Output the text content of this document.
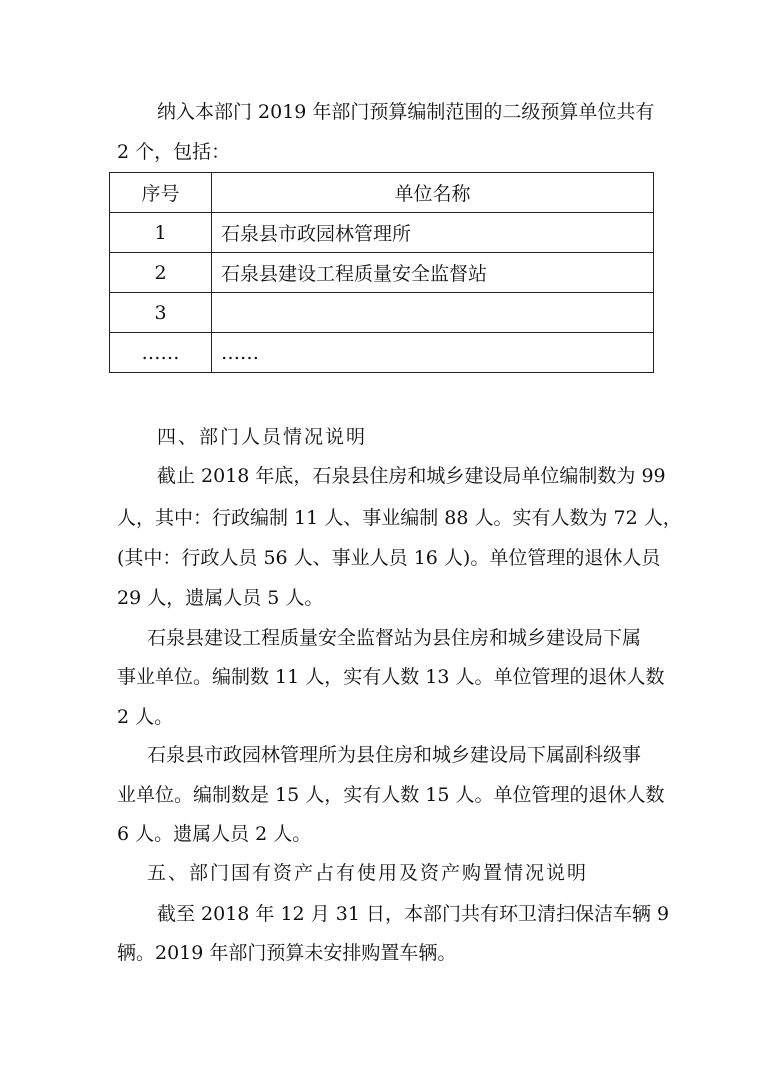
纳入本部门 2019 年部门预算编制范围的二级预算单位共有

2 个，包括：

序号	单位名称
1	石泉县市政园林管理所
2	石泉县建设工程质量安全监督站
3	
……	……

四、部门人员情况说明

截止 2018 年底，石泉县住房和城乡建设局单位编制数为 99

人，其中：行政编制 11 人、事业编制 88 人。实有人数为 72 人，

(其中：行政人员 56 人、事业人员 16 人)。单位管理的退休人员

29 人，遗属人员 5 人。

石泉县建设工程质量安全监督站为县住房和城乡建设局下属

事业单位。编制数 11 人，实有人数 13 人。单位管理的退休人数

2 人。

石泉县市政园林管理所为县住房和城乡建设局下属副科级事

业单位。编制数是 15 人，实有人数 15 人。单位管理的退休人数

6 人。遗属人员 2 人。

五、部门国有资产占有使用及资产购置情况说明

截至 2018 年 12 月 31 日，本部门共有环卫清扫保洁车辆 9

辆。2019 年部门预算未安排购置车辆。
